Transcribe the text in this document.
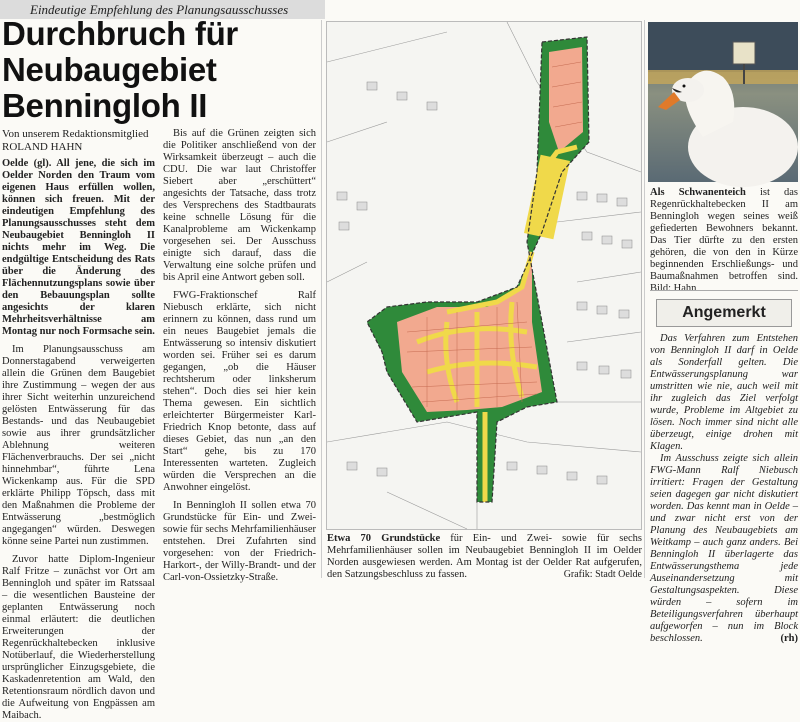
Eindeutige Empfehlung des Planungsausschusses
Durchbruch für Neubaugebiet Benningloh II
Von unserem Redaktionsmitglied
ROLAND HAHN

Oelde (gl). All jene, die sich im Oelder Norden den Traum vom eigenen Haus erfüllen wollen, können sich freuen. Mit der eindeutigen Empfehlung des Planungsausschusses steht dem Neubaugebiet Benningloh II nichts mehr im Weg. Die endgültige Entscheidung des Rats über die Änderung des Flächennutzungsplans sowie über den Bebauungsplan sollte angesichts der klaren Mehrheitsverhältnisse am Montag nur noch Formsache sein.

Im Planungsausschuss am Donnerstagabend verweigerten allein die Grünen dem Baugebiet ihre Zustimmung – wegen der aus ihrer Sicht weiterhin unzureichend gelösten Entwässerung für das Bestands- und das Neubaugebiet sowie aus ihrer grundsätzlicher Ablehnung weiteren Flächenverbrauchs. Der sei „nicht hinnehmbar“, führte Lena Wickenkamp aus. Für die SPD erklärte Philipp Töpsch, dass mit den Maßnahmen die Probleme der Entwässerung „bestmöglich angegangen“ würden. Deswegen könne seine Partei nun zustimmen.

Zuvor hatte Diplom-Ingenieur Ralf Fritze – zunächst vor Ort am Benningloh und später im Ratssaal – die wesentlichen Bausteine der geplanten Entwässerung noch einmal erläutert: die deutlichen Erweiterungen der Regenrückhaltebecken inklusive Notüberlauf, die Wiederherstellung ursprünglicher Einzugsgebiete, die Kaskadenretention am Wald, den Retentionsraum nördlich davon und die Aufweitung von Engpässen am Maibach.

Bis auf die Grünen zeigten sich die Politiker anschließend von der Wirksamkeit überzeugt – auch die CDU. Die war laut Christoffer Siebert aber „erschüttert“ angesichts der Tatsache, dass trotz des Versprechens des Stadtbaurats keine schnelle Lösung für die Kanalprobleme am Wickenkamp vorgesehen sei. Der Ausschuss einigte sich darauf, dass die Verwaltung eine solche prüfen und bis April eine Antwort geben soll.

FWG-Fraktionschef Ralf Niebusch erklärte, sich nicht erinnern zu können, dass rund um ein neues Baugebiet jemals die Entwässerung so intensiv diskutiert worden sei. Früher sei es darum gegangen, „ob die Häuser rechtsherum oder linksherum stehen“. Doch dies sei hier kein Thema gewesen. Ein sichtlich erleichterter Bürgermeister Karl-Friedrich Knop betonte, dass auf dieses Gebiet, das nun „an den Start“ gehe, bis zu 170 Interessenten warteten. Zugleich würden die Versprechen an die Anwohner eingelöst.

In Benningloh II sollen etwa 70 Grundstücke für Ein- und Zwei- sowie für sechs Mehrfamilienhäuser entstehen. Drei Zufahrten sind vorgesehen: von der Friedrich-Harkort-, der Willy-Brandt- und der Carl-von-Ossietzky-Straße.

Etwa 70 Grundstücke für Ein- und Zwei- sowie für sechs Mehrfamilienhäuser sollen im Neubaugebiet Benningloh II im Oelder Norden ausgewiesen werden. Am Montag ist der Oelder Rat aufgerufen, den Satzungsbeschluss zu fassen.	Grafik: Stadt Oelde
Als Schwanenteich ist das Regenrückhaltebecken II am Benningloh wegen seines weiß gefiederten Bewohners bekannt. Das Tier dürfte zu den ersten gehören, die von den in Kürze beginnenden Erschließungs- und Baumaßnahmen betroffen sind. Bild: Hahn
Angemerkt

Das Verfahren zum Entstehen von Benningloh II darf in Oelde als Sonderfall gelten. Die Entwässerungsplanung war umstritten wie nie, auch weil mit ihr zugleich das Ziel verfolgt wurde, Probleme im Altgebiet zu lösen. Noch immer sind nicht alle überzeugt, einige drohen mit Klagen.

Im Ausschuss zeigte sich allein FWG-Mann Ralf Niebusch irritiert: Fragen der Gestaltung seien dagegen gar nicht diskutiert worden. Das kennt man in Oelde – und zwar nicht erst von der Planung des Neubaugebiets am Weitkamp – auch ganz anders. Bei Benningloh II überlagerte das Entwässerungsthema jede Auseinandersetzung mit Gestaltungsaspekten. Diese würden – sofern im Beteiligungsverfahren überhaupt aufgeworfen – nun im Block beschlossen.	(rh)
